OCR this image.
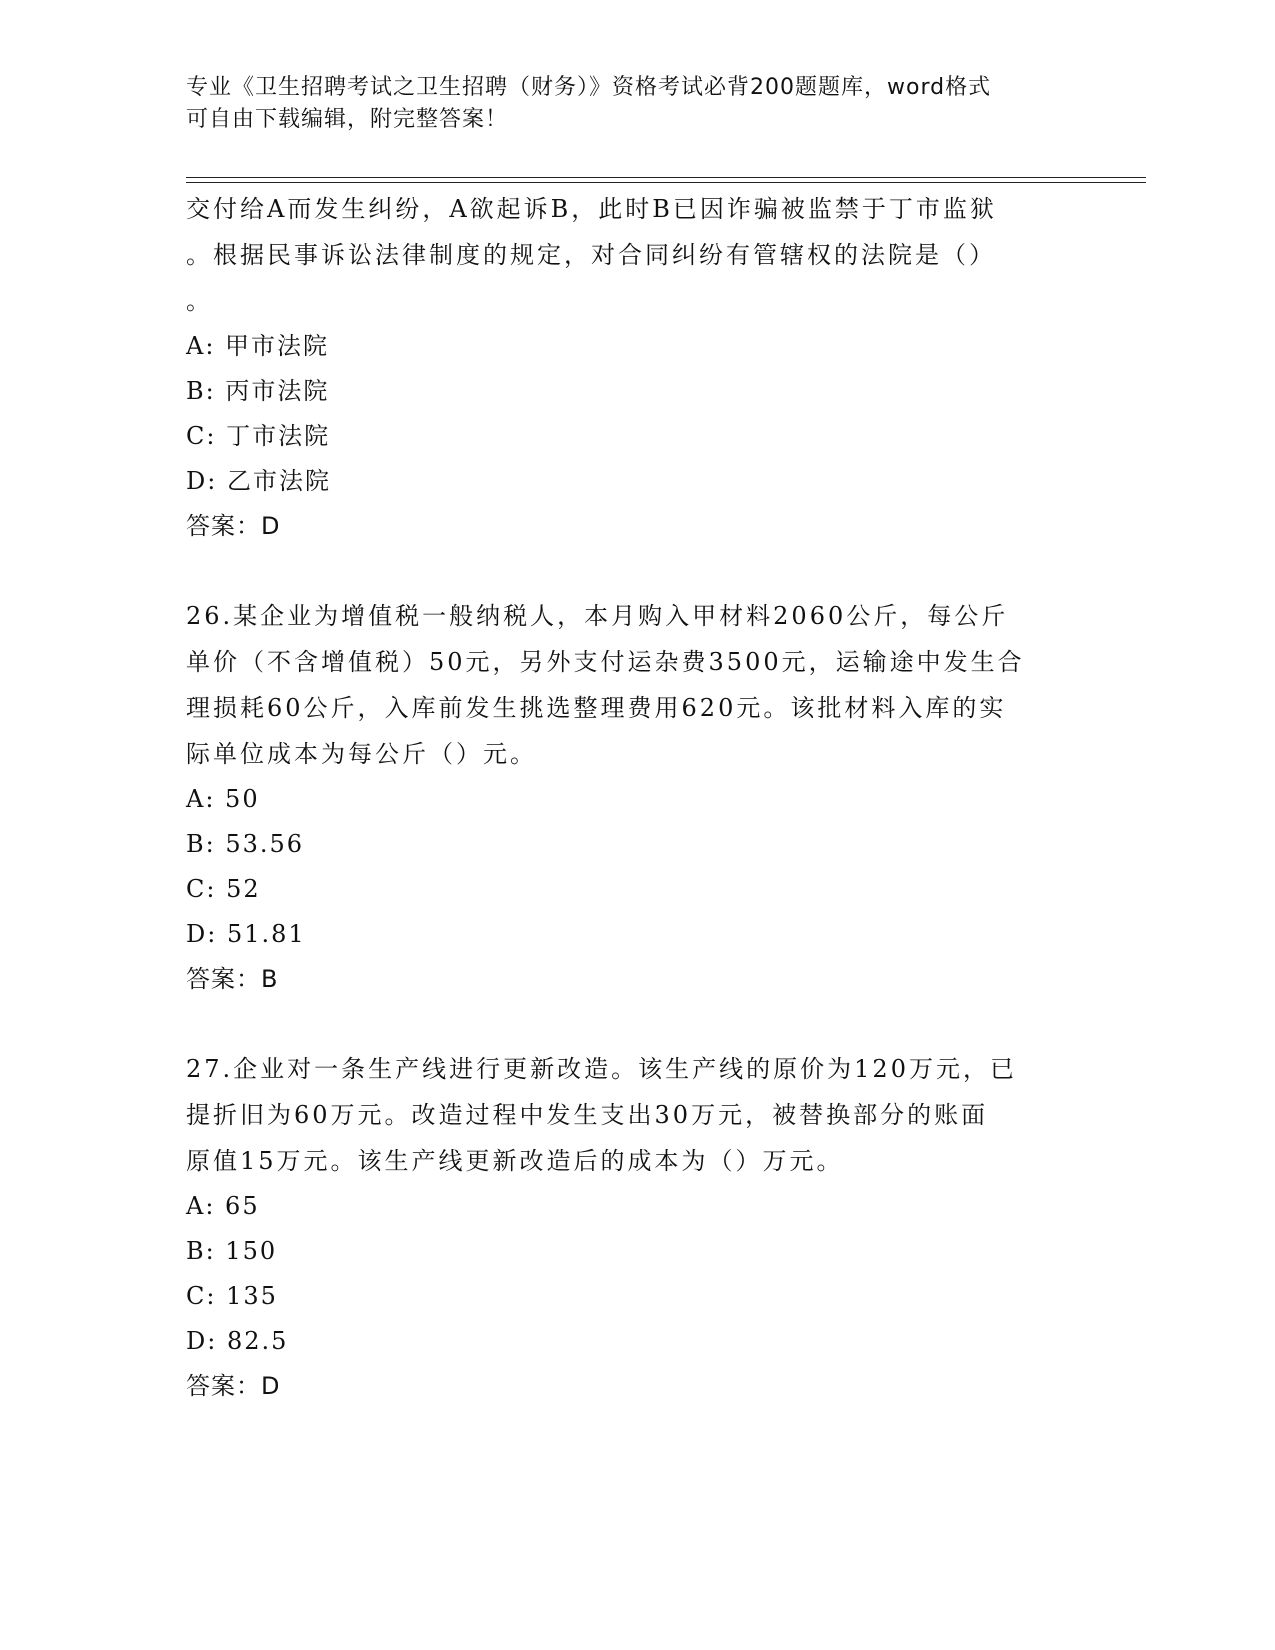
专业《卫生招聘考试之卫生招聘（财务）》资格考试必背200题题库，word格式
可自由下载编辑，附完整答案！
交付给A而发生纠纷，A欲起诉B，此时B已因诈骗被监禁于丁市监狱
。根据民事诉讼法律制度的规定，对合同纠纷有管辖权的法院是（）
。
A: 甲市法院
B: 丙市法院
C: 丁市法院
D: 乙市法院
答案：D
26.某企业为增值税一般纳税人，本月购入甲材料2060公斤，每公斤
单价（不含增值税）50元，另外支付运杂费3500元，运输途中发生合
理损耗60公斤，入库前发生挑选整理费用620元。该批材料入库的实
际单位成本为每公斤（）元。
A: 50
B: 53.56
C: 52
D: 51.81
答案：B
27.企业对一条生产线进行更新改造。该生产线的原价为120万元，已
提折旧为60万元。改造过程中发生支出30万元，被替换部分的账面
原值15万元。该生产线更新改造后的成本为（）万元。
A: 65
B: 150
C: 135
D: 82.5
答案：D
